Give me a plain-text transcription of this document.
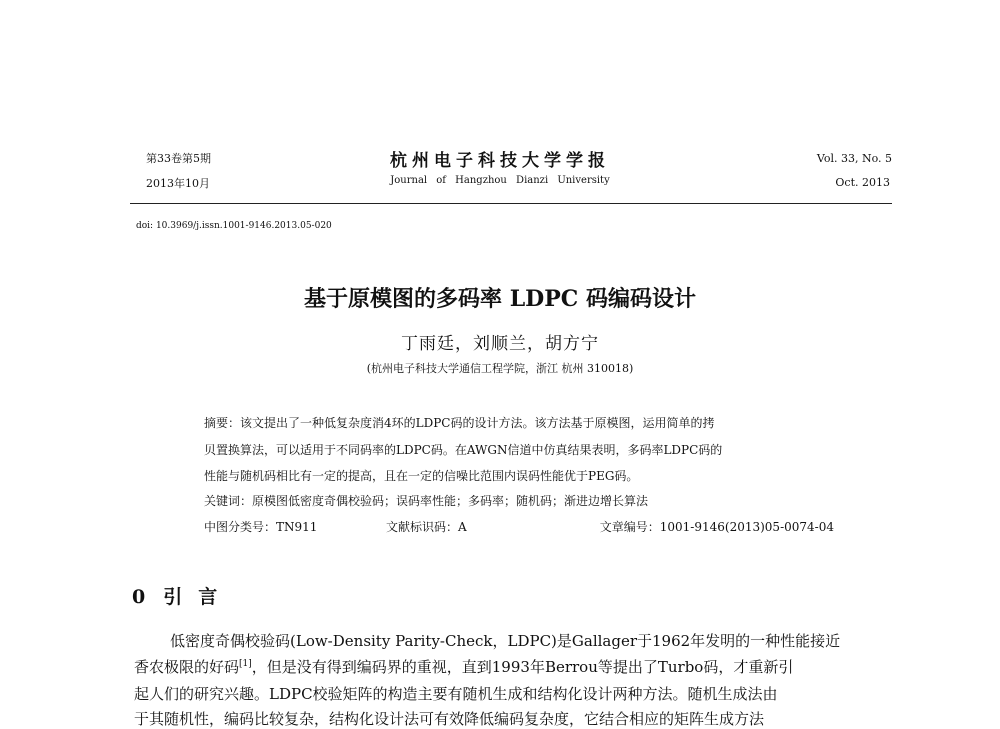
第33卷第5期
2013年10月
杭州电子科技大学学报
Journal of Hangzhou Dianzi University
Vol. 33, No. 5
Oct. 2013
doi: 10.3969/j.issn.1001-9146.2013.05-020
基于原模图的多码率 LDPC 码编码设计
丁雨廷，刘顺兰，胡方宁
(杭州电子科技大学通信工程学院，浙江 杭州 310018)
摘要：该文提出了一种低复杂度消4环的LDPC码的设计方法。该方法基于原模图，运用简单的拷
贝置换算法，可以适用于不同码率的LDPC码。在AWGN信道中仿真结果表明，多码率LDPC码的
性能与随机码相比有一定的提高，且在一定的信噪比范围内误码性能优于PEG码。
关键词：原模图低密度奇偶校验码；误码率性能；多码率；随机码；渐进边增长算法
中图分类号：TN911	文献标识码：A	文章编号：1001-9146(2013)05-0074-04
0 引言
低密度奇偶校验码(Low-Density Parity-Check，LDPC)是Gallager于1962年发明的一种性能接近
香农极限的好码[1]，但是没有得到编码界的重视，直到1993年Berrou等提出了Turbo码，才重新引
起人们的研究兴趣。LDPC校验矩阵的构造主要有随机生成和结构化设计两种方法。随机生成法由
于其随机性，编码比较复杂，结构化设计法可有效降低编码复杂度，它结合相应的矩阵生成方法
